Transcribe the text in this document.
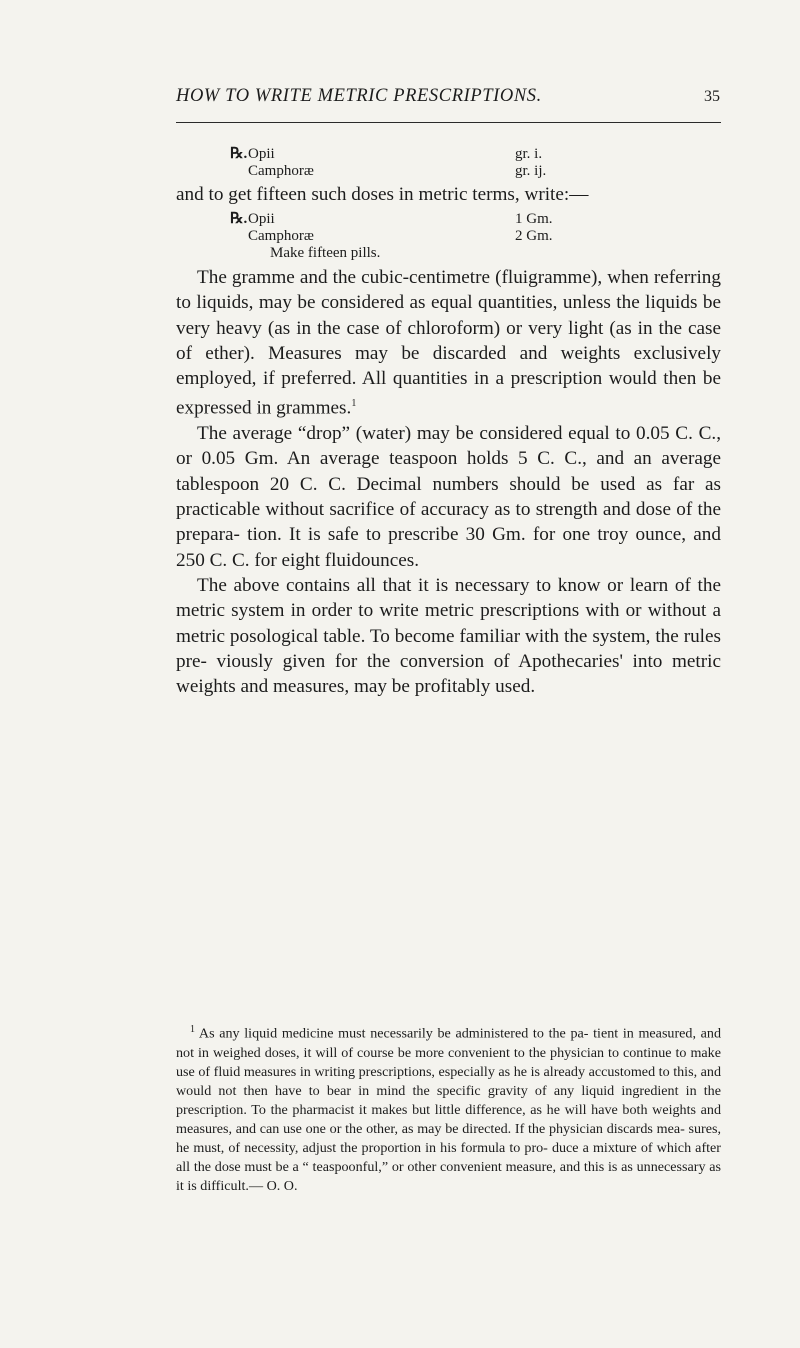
HOW TO WRITE METRIC PRESCRIPTIONS.	35
℞. Opii	gr. i.
Camphoræ	gr. ij.

and to get fifteen such doses in metric terms, write:—

℞. Opii	1 Gm.
Camphoræ	2 Gm.
Make fifteen pills.

The gramme and the cubic-centimetre (fluigramme), when referring to liquids, may be considered as equal quantities, unless the liquids be very heavy (as in the case of chloroform) or very light (as in the case of ether). Measures may be discarded and weights exclusively employed, if preferred. All quantities in a prescription would then be expressed in grammes.$^1$

The average “drop” (water) may be considered equal to 0.05 C. C., or 0.05 Gm. An average teaspoon holds 5 C. C., and an average tablespoon 20 C. C. Decimal numbers should be used as far as practicable without sacrifice of accuracy as to strength and dose of the prepara- tion. It is safe to prescribe 30 Gm. for one troy ounce, and 250 C. C. for eight fluidounces.

The above contains all that it is necessary to know or learn of the metric system in order to write metric prescriptions with or without a metric posological table. To become familiar with the system, the rules pre- viously given for the conversion of Apothecaries' into metric weights and measures, may be profitably used.

$^1$ As any liquid medicine must necessarily be administered to the pa- tient in measured, and not in weighed doses, it will of course be more convenient to the physician to continue to make use of fluid measures in writing prescriptions, especially as he is already accustomed to this, and would not then have to bear in mind the specific gravity of any liquid ingredient in the prescription. To the pharmacist it makes but little difference, as he will have both weights and measures, and can use one or the other, as may be directed. If the physician discards mea- sures, he must, of necessity, adjust the proportion in his formula to pro- duce a mixture of which after all the dose must be a “ teaspoonful,” or other convenient measure, and this is as unnecessary as it is difficult.— O. O.
